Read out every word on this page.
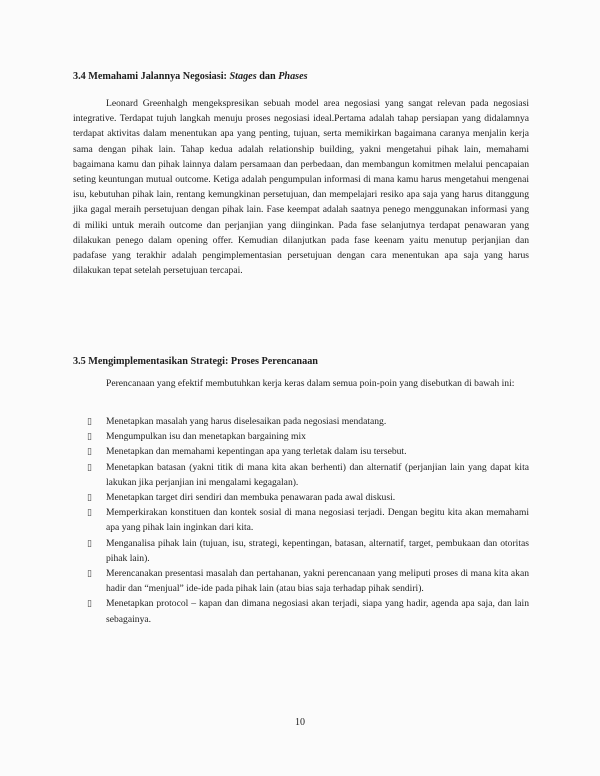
3.4 Memahami Jalannya Negosiasi: Stages dan Phases

Leonard Greenhalgh mengekspresikan sebuah model area negosiasi yang sangat relevan pada negosiasi integrative. Terdapat tujuh langkah menuju proses negosiasi ideal.Pertama adalah tahap persiapan yang didalamnya terdapat aktivitas dalam menentukan apa yang penting, tujuan, serta memikirkan bagaimana caranya menjalin kerja sama dengan pihak lain. Tahap kedua adalah relationship building, yakni mengetahui pihak lain, memahami bagaimana kamu dan pihak lainnya dalam persamaan dan perbedaan, dan membangun komitmen melalui pencapaian seting keuntungan mutual outcome. Ketiga adalah pengumpulan informasi di mana kamu harus mengetahui mengenai isu, kebutuhan pihak lain, rentang kemungkinan persetujuan, dan mempelajari resiko apa saja yang harus ditanggung jika gagal meraih persetujuan dengan pihak lain. Fase keempat adalah saatnya penego menggunakan informasi yang di miliki untuk meraih outcome dan perjanjian yang diinginkan. Pada fase selanjutnya terdapat penawaran yang dilakukan penego dalam opening offer. Kemudian dilanjutkan pada fase keenam yaitu menutup perjanjian dan padafase yang terakhir adalah pengimplementasian persetujuan dengan cara menentukan apa saja yang harus dilakukan tepat setelah persetujuan tercapai.

3.5 Mengimplementasikan Strategi: Proses Perencanaan

Perencanaan yang efektif membutuhkan kerja keras dalam semua poin-poin yang disebutkan di bawah ini:

▯ Menetapkan masalah yang harus diselesaikan pada negosiasi mendatang.
▯ Mengumpulkan isu dan menetapkan bargaining mix
▯ Menetapkan dan memahami kepentingan apa yang terletak dalam isu tersebut.
▯ Menetapkan batasan (yakni titik di mana kita akan berhenti) dan alternatif (perjanjian lain yang dapat kita lakukan jika perjanjian ini mengalami kegagalan).
▯ Menetapkan target diri sendiri dan membuka penawaran pada awal diskusi.
▯ Memperkirakan konstituen dan kontek sosial di mana negosiasi terjadi. Dengan begitu kita akan memahami apa yang pihak lain inginkan dari kita.
▯ Menganalisa pihak lain (tujuan, isu, strategi, kepentingan, batasan, alternatif, target, pembukaan dan otoritas pihak lain).
▯ Merencanakan presentasi masalah dan pertahanan, yakni perencanaan yang meliputi proses di mana kita akan hadir dan “menjual” ide-ide pada pihak lain (atau bias saja terhadap pihak sendiri).
▯ Menetapkan protocol – kapan dan dimana negosiasi akan terjadi, siapa yang hadir, agenda apa saja, dan lain sebagainya.
10
